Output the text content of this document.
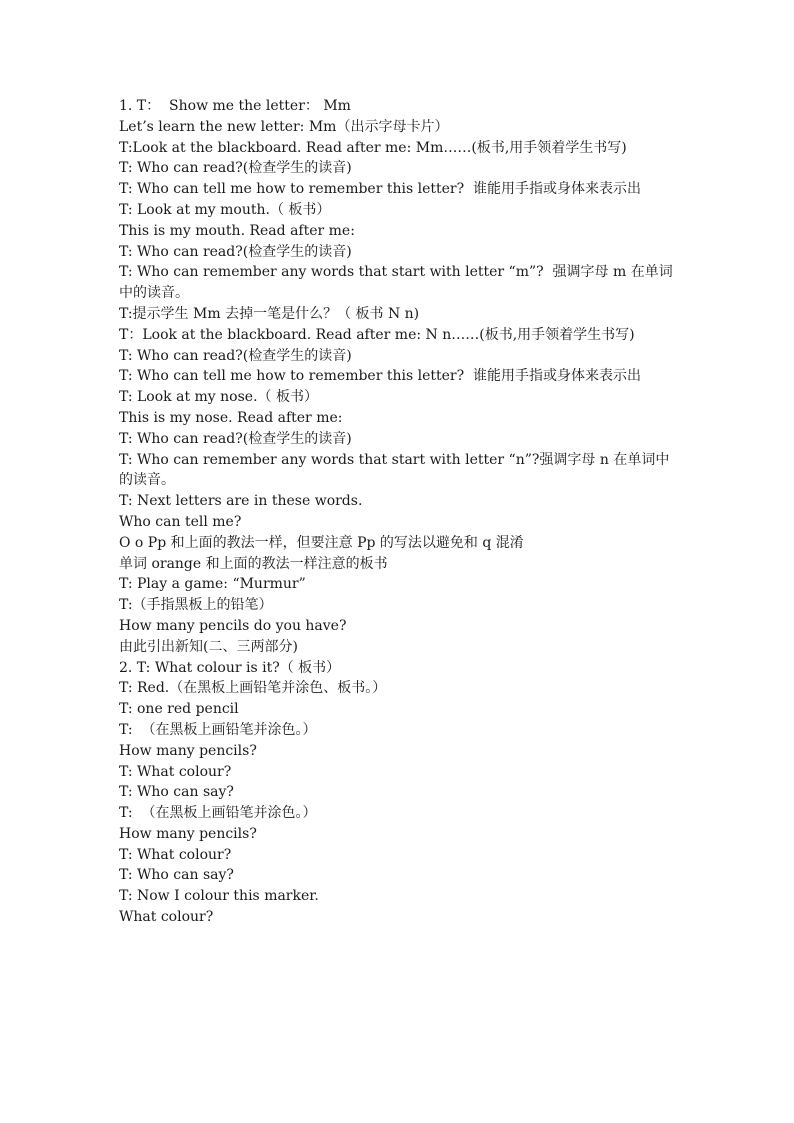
1. T：  Show me the letter： Mm

Let’s learn the new letter: Mm（出示字母卡片）

T:Look at the blackboard. Read after me: Mm……(板书,用手领着学生书写)

T: Who can read?(检查学生的读音)

T: Who can tell me how to remember this letter?  谁能用手指或身体来表示出

T: Look at my mouth.（ 板书）

This is my mouth. Read after me:

T: Who can read?(检查学生的读音)

T: Who can remember any words that start with letter “m”?  强调字母 m 在单词中的读音。

T:提示学生 Mm 去掉一笔是什么？（ 板书 N n)

T：Look at the blackboard. Read after me: N n……(板书,用手领着学生书写)

T: Who can read?(检查学生的读音)

T: Who can tell me how to remember this letter?  谁能用手指或身体来表示出

T: Look at my nose.（ 板书）

This is my nose. Read after me:

T: Who can read?(检查学生的读音)

T: Who can remember any words that start with letter “n”?强调字母 n 在单词中的读音。

T: Next letters are in these words.

Who can tell me?

O o Pp 和上面的教法一样，但要注意 Pp 的写法以避免和 q 混淆

单词 orange 和上面的教法一样注意的板书

T: Play a game: “Murmur”

T:（手指黑板上的铅笔）

How many pencils do you have?

由此引出新知(二、三两部分)

2. T: What colour is it?（ 板书）

T: Red.（在黑板上画铅笔并涂色、板书。）

T: one red pencil

T:  （在黑板上画铅笔并涂色。）

How many pencils?

T: What colour?

T: Who can say?

T:  （在黑板上画铅笔并涂色。）

How many pencils?

T: What colour?

T: Who can say?

T: Now I colour this marker.

What colour?
